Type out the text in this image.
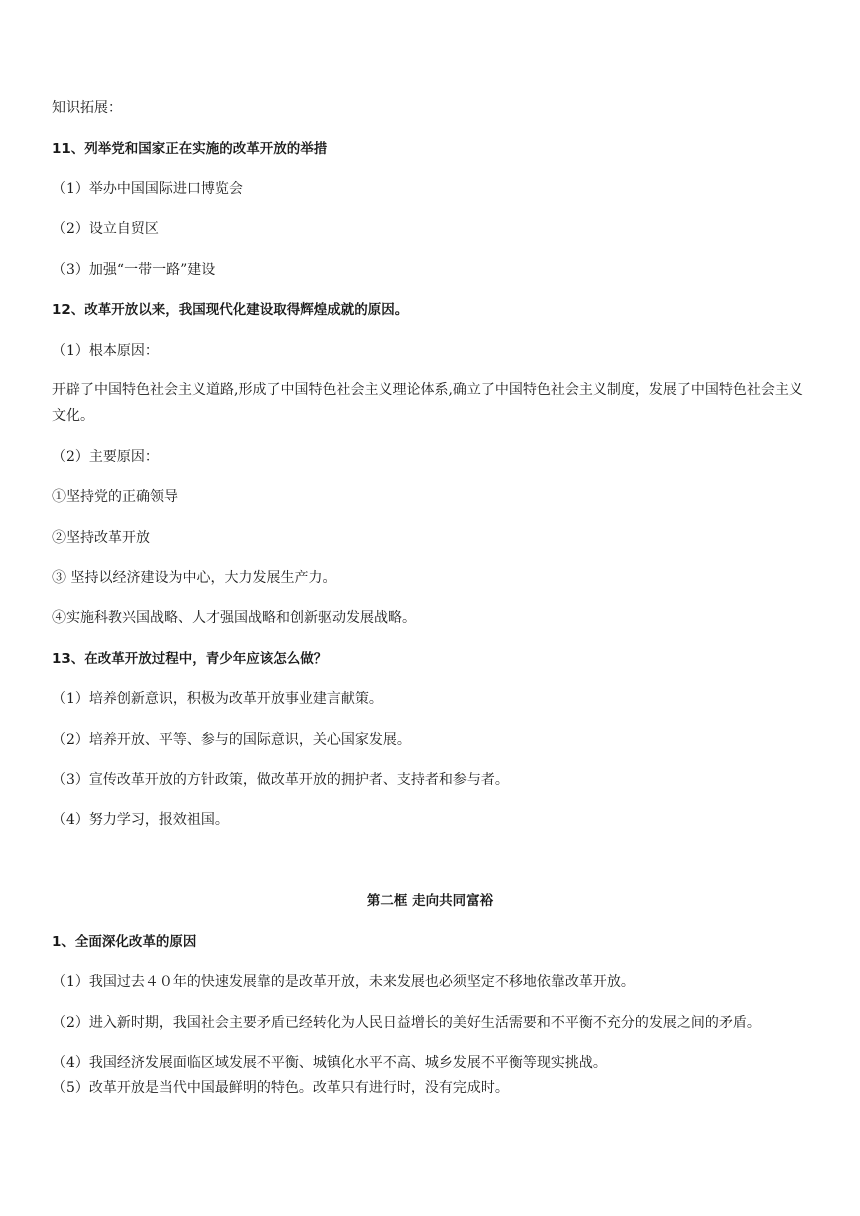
知识拓展：
11、列举党和国家正在实施的改革开放的举措
（1）举办中国国际进口博览会
（2）设立自贸区
（3）加强“一带一路”建设
12、改革开放以来，我国现代化建设取得辉煌成就的原因。
（1）根本原因：
开辟了中国特色社会主义道路,形成了中国特色社会主义理论体系,确立了中国特色社会主义制度，发展了中国特色社会主义文化。
（2）主要原因：
①坚持党的正确领导
②坚持改革开放
③ 坚持以经济建设为中心，大力发展生产力。
④实施科教兴国战略、人才强国战略和创新驱动发展战略。
13、在改革开放过程中，青少年应该怎么做？
（1）培养创新意识，积极为改革开放事业建言献策。
（2）培养开放、平等、参与的国际意识，关心国家发展。
（3）宣传改革开放的方针政策，做改革开放的拥护者、支持者和参与者。
（4）努力学习，报效祖国。
第二框 走向共同富裕
1、全面深化改革的原因
（1）我国过去４０年的快速发展靠的是改革开放，未来发展也必须坚定不移地依靠改革开放。
（2）进入新时期，我国社会主要矛盾已经转化为人民日益增长的美好生活需要和不平衡不充分的发展之间的矛盾。
（4）我国经济发展面临区域发展不平衡、城镇化水平不高、城乡发展不平衡等现实挑战。
（5）改革开放是当代中国最鲜明的特色。改革只有进行时，没有完成时。
